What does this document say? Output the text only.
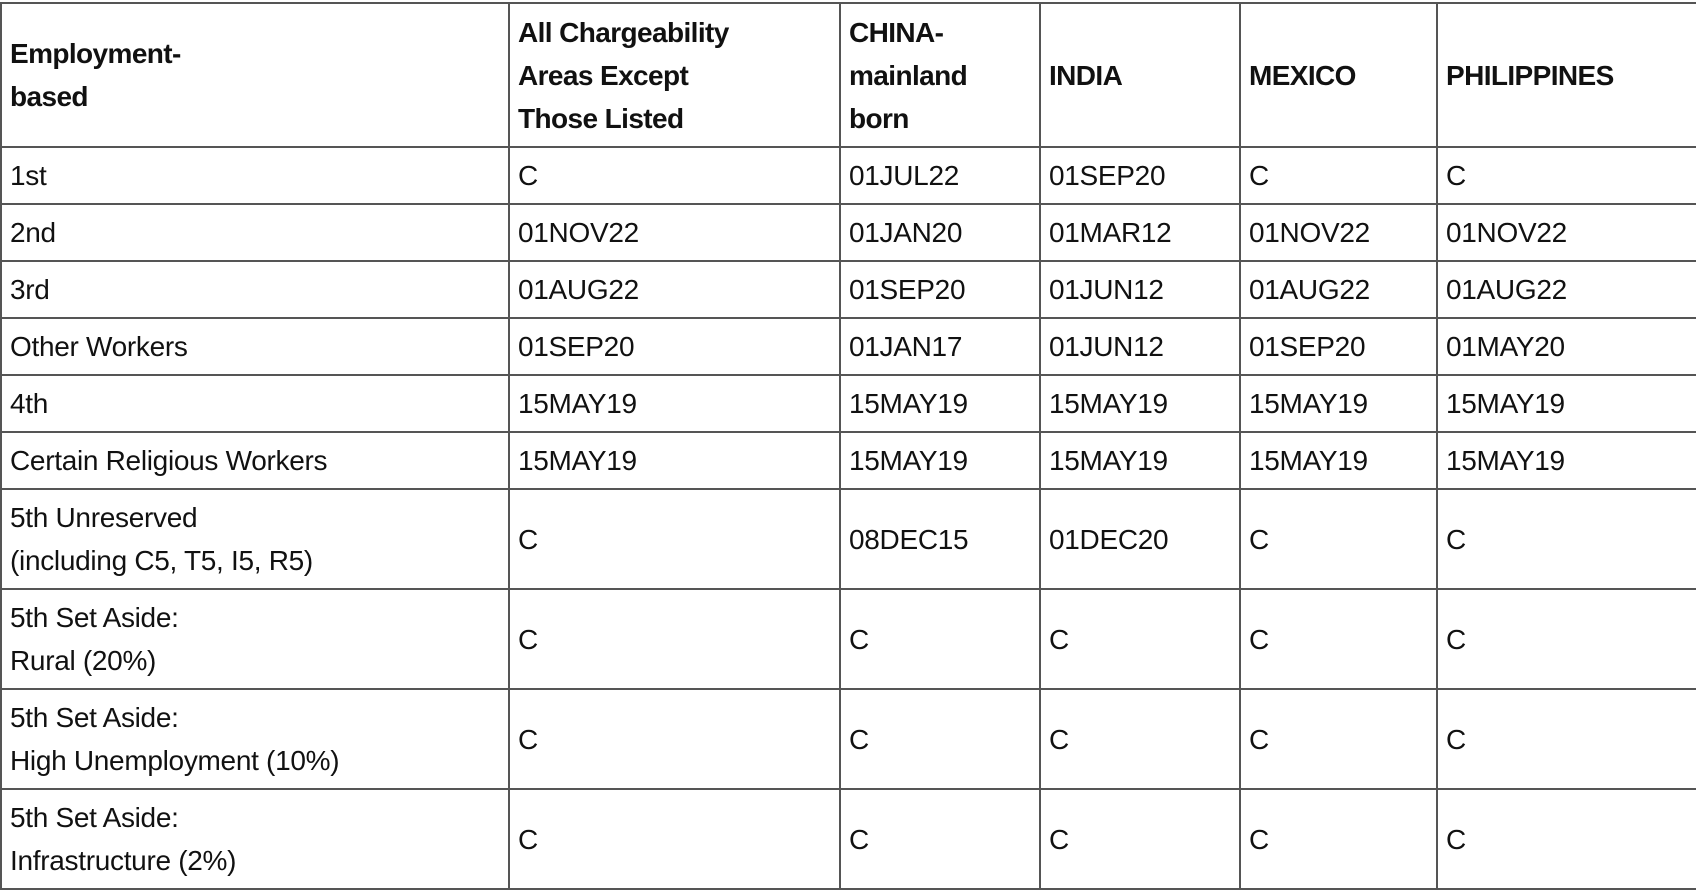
Employment-
based	All Chargeability
Areas Except
Those Listed	CHINA-
mainland
born	INDIA	MEXICO	PHILIPPINES

1st	C	01JUL22	01SEP20	C	C

2nd	01NOV22	01JAN20	01MAR12	01NOV22	01NOV22

3rd	01AUG22	01SEP20	01JUN12	01AUG22	01AUG22

Other Workers	01SEP20	01JAN17	01JUN12	01SEP20	01MAY20

4th	15MAY19	15MAY19	15MAY19	15MAY19	15MAY19

Certain Religious Workers	15MAY19	15MAY19	15MAY19	15MAY19	15MAY19

5th Unreserved
(including C5, T5, I5, R5)	C	08DEC15	01DEC20	C	C

5th Set Aside:
Rural (20%)	C	C	C	C	C

5th Set Aside:
High Unemployment (10%)	C	C	C	C	C

5th Set Aside:
Infrastructure (2%)	C	C	C	C	C
